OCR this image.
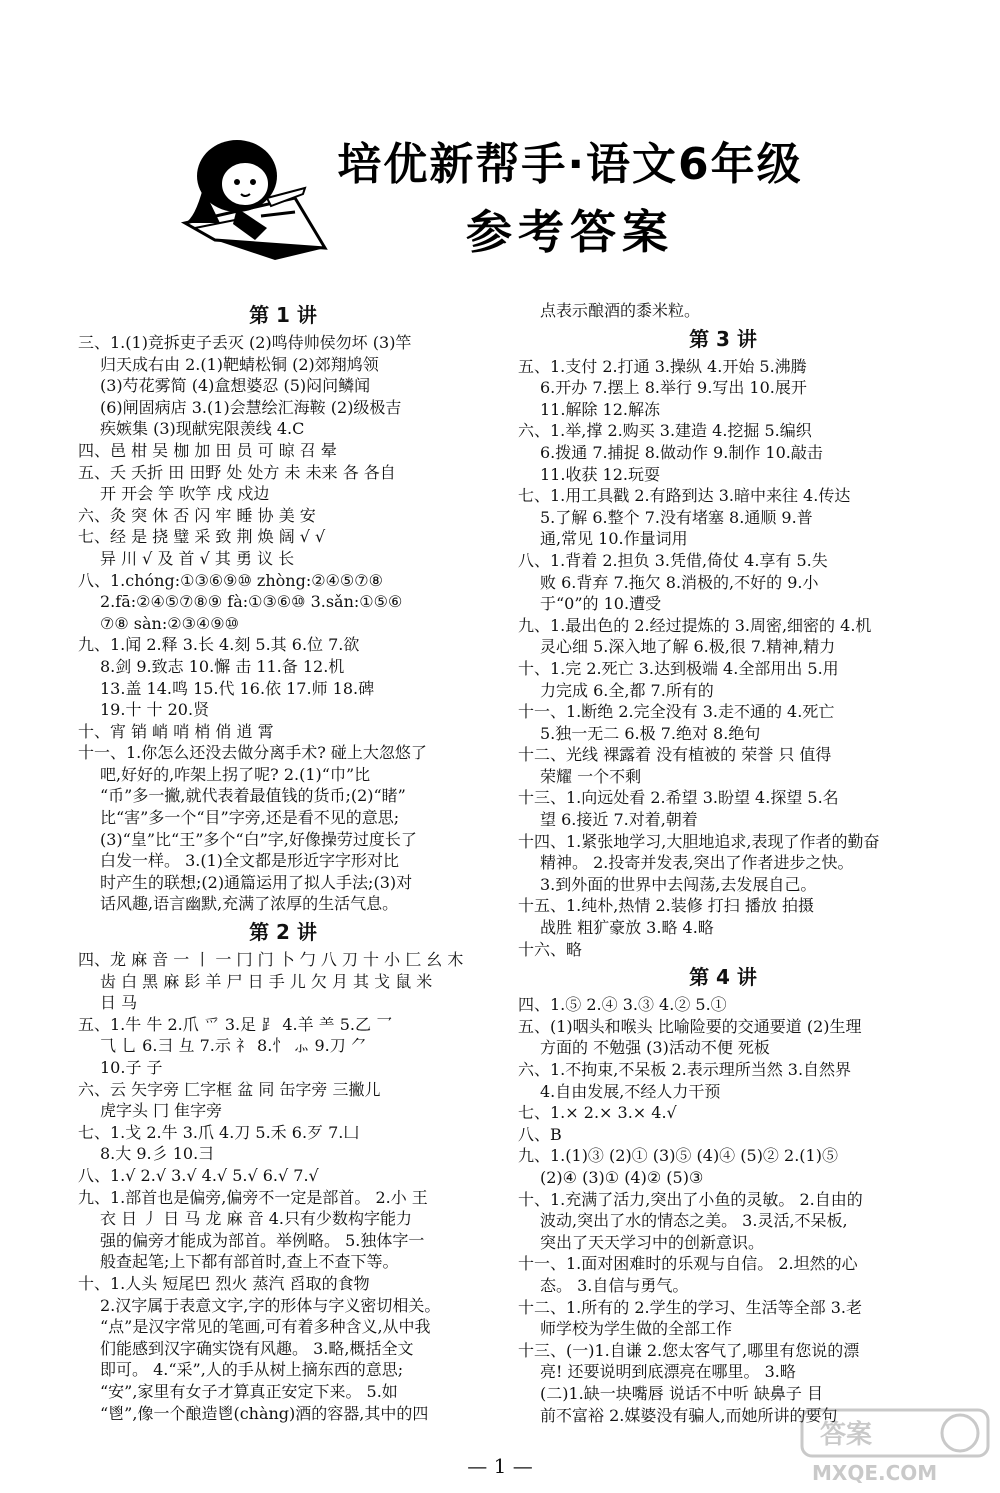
培优新帮手·语文6年级
参考答案
第 1 讲
三、1.(1)竞拆吏子丢灭 (2)鸣侍帅侯勿坏 (3)竿
归天成右由 2.(1)靶蜻松铜 (2)郊翔鸠领
(3)芍花雾简 (4)盒想婆忍 (5)闷问鳞闻
(6)闸固病店 3.(1)会慧绘汇海鞍 (2)级极吉
疾嫉集 (3)现献宪限羡线 4.C
四、邑 柑 吴 枷 加 田 员 可 晾 召 晕
五、夭 夭折 田 田野 处 处方 未 未来 各 各自
开 开会 竽 吹竽 戌 戍边
六、灸 突 休 否 闪 牢 睡 协 美 安
七、经 是 挠 璧 采 致 荆 焕 阔 √ √
异 川 √ 及 首 √ 其 勇 议 长
八、1.chóng:①③⑥⑨⑩ zhòng:②④⑤⑦⑧
2.fā:②④⑤⑦⑧⑨ fà:①③⑥⑩ 3.sǎn:①⑤⑥
⑦⑧ sàn:②③④⑨⑩
九、1.闻 2.释 3.长 4.刻 5.其 6.位 7.欲
8.剑 9.致志 10.懈 击 11.备 12.机
13.盖 14.鸣 15.代 16.依 17.师 18.碑
19.十 十 20.贤
十、宵 销 峭 哨 梢 俏 逍 霄
十一、1.你怎么还没去做分离手术? 碰上大忽悠了
吧,好好的,咋架上拐了呢? 2.(1)“巾”比
“币”多一撇,就代表着最值钱的货币;(2)“睹”
比“害”多一个“目”字旁,还是看不见的意思;
(3)“皇”比“王”多个“白”字,好像操劳过度长了
白发一样。 3.(1)全文都是形近字字形对比
时产生的联想;(2)通篇运用了拟人手法;(3)对
话风趣,语言幽默,充满了浓厚的生活气息。
第 2 讲
四、龙 麻 音 一 丨 一 冂 门 卜 勹 八 刀 十 小 匚 幺 木
齿 白 黑 麻 髟 羊 尸 日 手 儿 欠 月 其 戈 鼠 米
日 马
五、1.牛 牛 2.爪 爫 3.足 ⻊ 4.羊 ⺷ 5.乙 乛
⺄ 乚 6.彐 彑 7.示 礻 8.忄 ⺗ 9.刀 ⺈
10.子 子
六、云 矢字旁 匚字框 盆 同 缶字旁 三撇儿
虎字头 冂 隹字旁
七、1.戈 2.牛 3.爪 4.刀 5.禾 6.歹 7.凵
8.大 9.彡 10.彐
八、1.√ 2.√ 3.√ 4.√ 5.√ 6.√ 7.√
九、1.部首也是偏旁,偏旁不一定是部首。 2.小 王
衣 日 丿 日 马 龙 麻 音 4.只有少数构字能力
强的偏旁才能成为部首。举例略。 5.独体字一
般查起笔;上下都有部首时,查上不查下等。
十、1.人头 短尾巴 烈火 蒸汽 舀取的食物
2.汉字属于表意文字,字的形体与字义密切相关。
“点”是汉字常见的笔画,可有着多种含义,从中我
们能感到汉字确实饶有风趣。 3.略,概括全文
即可。 4.“采”,人的手从树上摘东西的意思;
“安”,家里有女子才算真正安定下来。 5.如
“鬯”,像一个酿造鬯(chàng)酒的容器,其中的四
点表示酿酒的黍米粒。
第 3 讲
五、1.支付 2.打通 3.操纵 4.开始 5.沸腾
6.开办 7.摆上 8.举行 9.写出 10.展开
11.解除 12.解冻
六、1.举,撑 2.购买 3.建造 4.挖掘 5.编织
6.拨通 7.捕捉 8.做动作 9.制作 10.敲击
11.收获 12.玩耍
七、1.用工具戳 2.有路到达 3.暗中来往 4.传达
5.了解 6.整个 7.没有堵塞 8.通顺 9.普
通,常见 10.作量词用
八、1.背着 2.担负 3.凭借,倚仗 4.享有 5.失
败 6.背弃 7.拖欠 8.消极的,不好的 9.小
于“0”的 10.遭受
九、1.最出色的 2.经过提炼的 3.周密,细密的 4.机
灵心细 5.深入地了解 6.极,很 7.精神,精力
十、1.完 2.死亡 3.达到极端 4.全部用出 5.用
力完成 6.全,都 7.所有的
十一、1.断绝 2.完全没有 3.走不通的 4.死亡
5.独一无二 6.极 7.绝对 8.绝句
十二、光线 裸露着 没有植被的 荣誉 只 值得
荣耀 一个不剩
十三、1.向远处看 2.希望 3.盼望 4.探望 5.名
望 6.接近 7.对着,朝着
十四、1.紧张地学习,大胆地追求,表现了作者的勤奋
精神。 2.投寄并发表,突出了作者进步之快。
3.到外面的世界中去闯荡,去发展自己。
十五、1.纯朴,热情 2.装修 打扫 播放 拍摄
战胜 粗犷豪放 3.略 4.略
十六、略
第 4 讲
四、1.⑤ 2.④ 3.③ 4.② 5.①
五、(1)咽头和喉头 比喻险要的交通要道 (2)生理
方面的 不勉强 (3)活动不便 死板
六、1.不拘束,不呆板 2.表示理所当然 3.自然界
4.自由发展,不经人力干预
七、1.× 2.× 3.× 4.√
八、B
九、1.(1)③ (2)① (3)⑤ (4)④ (5)② 2.(1)⑤
(2)④ (3)① (4)② (5)③
十、1.充满了活力,突出了小鱼的灵敏。 2.自由的
波动,突出了水的情态之美。 3.灵活,不呆板,
突出了天天学习中的创新意识。
十一、1.面对困难时的乐观与自信。 2.坦然的心
态。 3.自信与勇气。
十二、1.所有的 2.学生的学习、生活等全部 3.老
师学校为学生做的全部工作
十三、(一)1.自谦 2.您太客气了,哪里有您说的漂
亮! 还要说明到底漂亮在哪里。 3.略
(二)1.缺一块嘴唇 说话不中听 缺鼻子 目
前不富裕 2.媒婆没有骗人,而她所讲的要句
— 1 —
答案
MXQE.COM
